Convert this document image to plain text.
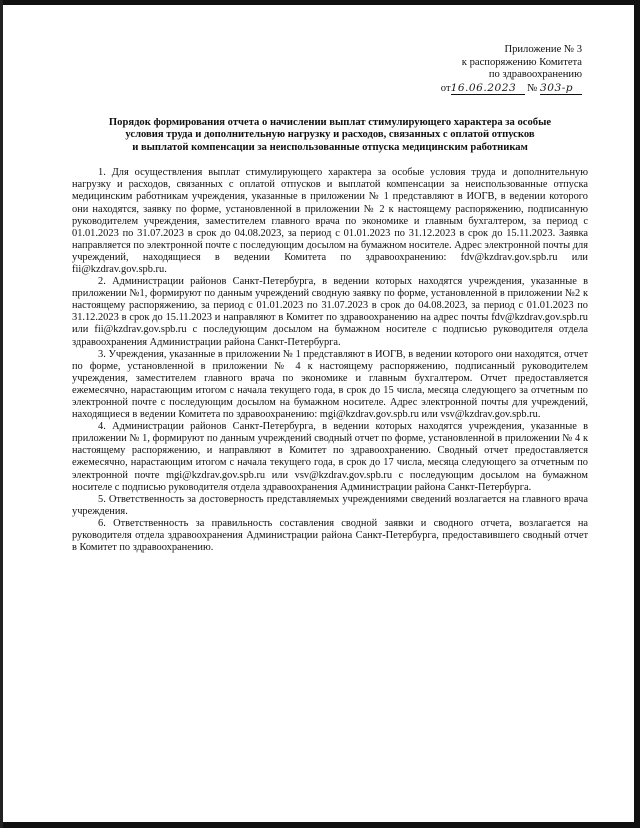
Приложение № 3
к распоряжению Комитета
по здравоохранению
от16.06.2023 № 303-р
Порядок формирования отчета о начислении выплат стимулирующего характера за особые
условия труда и дополнительную нагрузку и расходов, связанных с оплатой отпусков
и выплатой компенсации за неиспользованные отпуска медицинским работникам

1. Для осуществления выплат стимулирующего характера за особые условия труда и дополнительную нагрузку и расходов, связанных с оплатой отпусков и выплатой компенсации за неиспользованные отпуска медицинским работникам учреждения, указанные в приложении № 1 представляют в ИОГВ, в ведении которого они находятся, заявку по форме, установленной в приложении № 2 к настоящему распоряжению, подписанную руководителем учреждения, заместителем главного врача по экономике и главным бухгалтером, за период с 01.01.2023 по 31.07.2023 в срок до 04.08.2023, за период с 01.01.2023 по 31.12.2023 в срок до 15.11.2023. Заявка направляется по электронной почте с последующим досылом на бумажном носителе. Адрес электронной почты для учреждений, находящиеся в ведении Комитета по здравоохранению: fdv@kzdrav.gov.spb.ru или fii@kzdrav.gov.spb.ru.

2. Администрации районов Санкт-Петербурга, в ведении которых находятся учреждения, указанные в приложении №1, формируют по данным учреждений сводную заявку по форме, установленной в приложении №2 к настоящему распоряжению, за период с 01.01.2023 по 31.07.2023 в срок до 04.08.2023, за период с 01.01.2023 по 31.12.2023 в срок до 15.11.2023 и направляют в Комитет по здравоохранению на адрес почты fdv@kzdrav.gov.spb.ru или fii@kzdrav.gov.spb.ru с последующим досылом на бумажном носителе с подписью руководителя отдела здравоохранения Администрации района Санкт-Петербурга.

3. Учреждения, указанные в приложении № 1 представляют в ИОГВ, в ведении которого они находятся, отчет по форме, установленной в приложении № 4 к настоящему распоряжению, подписанный руководителем учреждения, заместителем главного врача по экономике и главным бухгалтером. Отчет предоставляется ежемесячно, нарастающим итогом с начала текущего года, в срок до 15 числа, месяца следующего за отчетным по электронной почте с последующим досылом на бумажном носителе. Адрес электронной почты для учреждений, находящиеся в ведении Комитета по здравоохранению: mgi@kzdrav.gov.spb.ru или vsv@kzdrav.gov.spb.ru.

4. Администрации районов Санкт-Петербурга, в ведении которых находятся учреждения, указанные в приложении № 1, формируют по данным учреждений сводный отчет по форме, установленной в приложении № 4 к настоящему распоряжению, и направляют в Комитет по здравоохранению. Сводный отчет предоставляется ежемесячно, нарастающим итогом с начала текущего года, в срок до 17 числа, месяца следующего за отчетным по электронной почте mgi@kzdrav.gov.spb.ru или vsv@kzdrav.gov.spb.ru с последующим досылом на бумажном носителе с подписью руководителя отдела здравоохранения Администрации района Санкт-Петербурга.

5. Ответственность за достоверность представляемых учреждениями сведений возлагается на главного врача учреждения.

6. Ответственность за правильность составления сводной заявки и сводного отчета, возлагается на руководителя отдела здравоохранения Администрации района Санкт-Петербурга, предоставившего сводный отчет в Комитет по здравоохранению.
